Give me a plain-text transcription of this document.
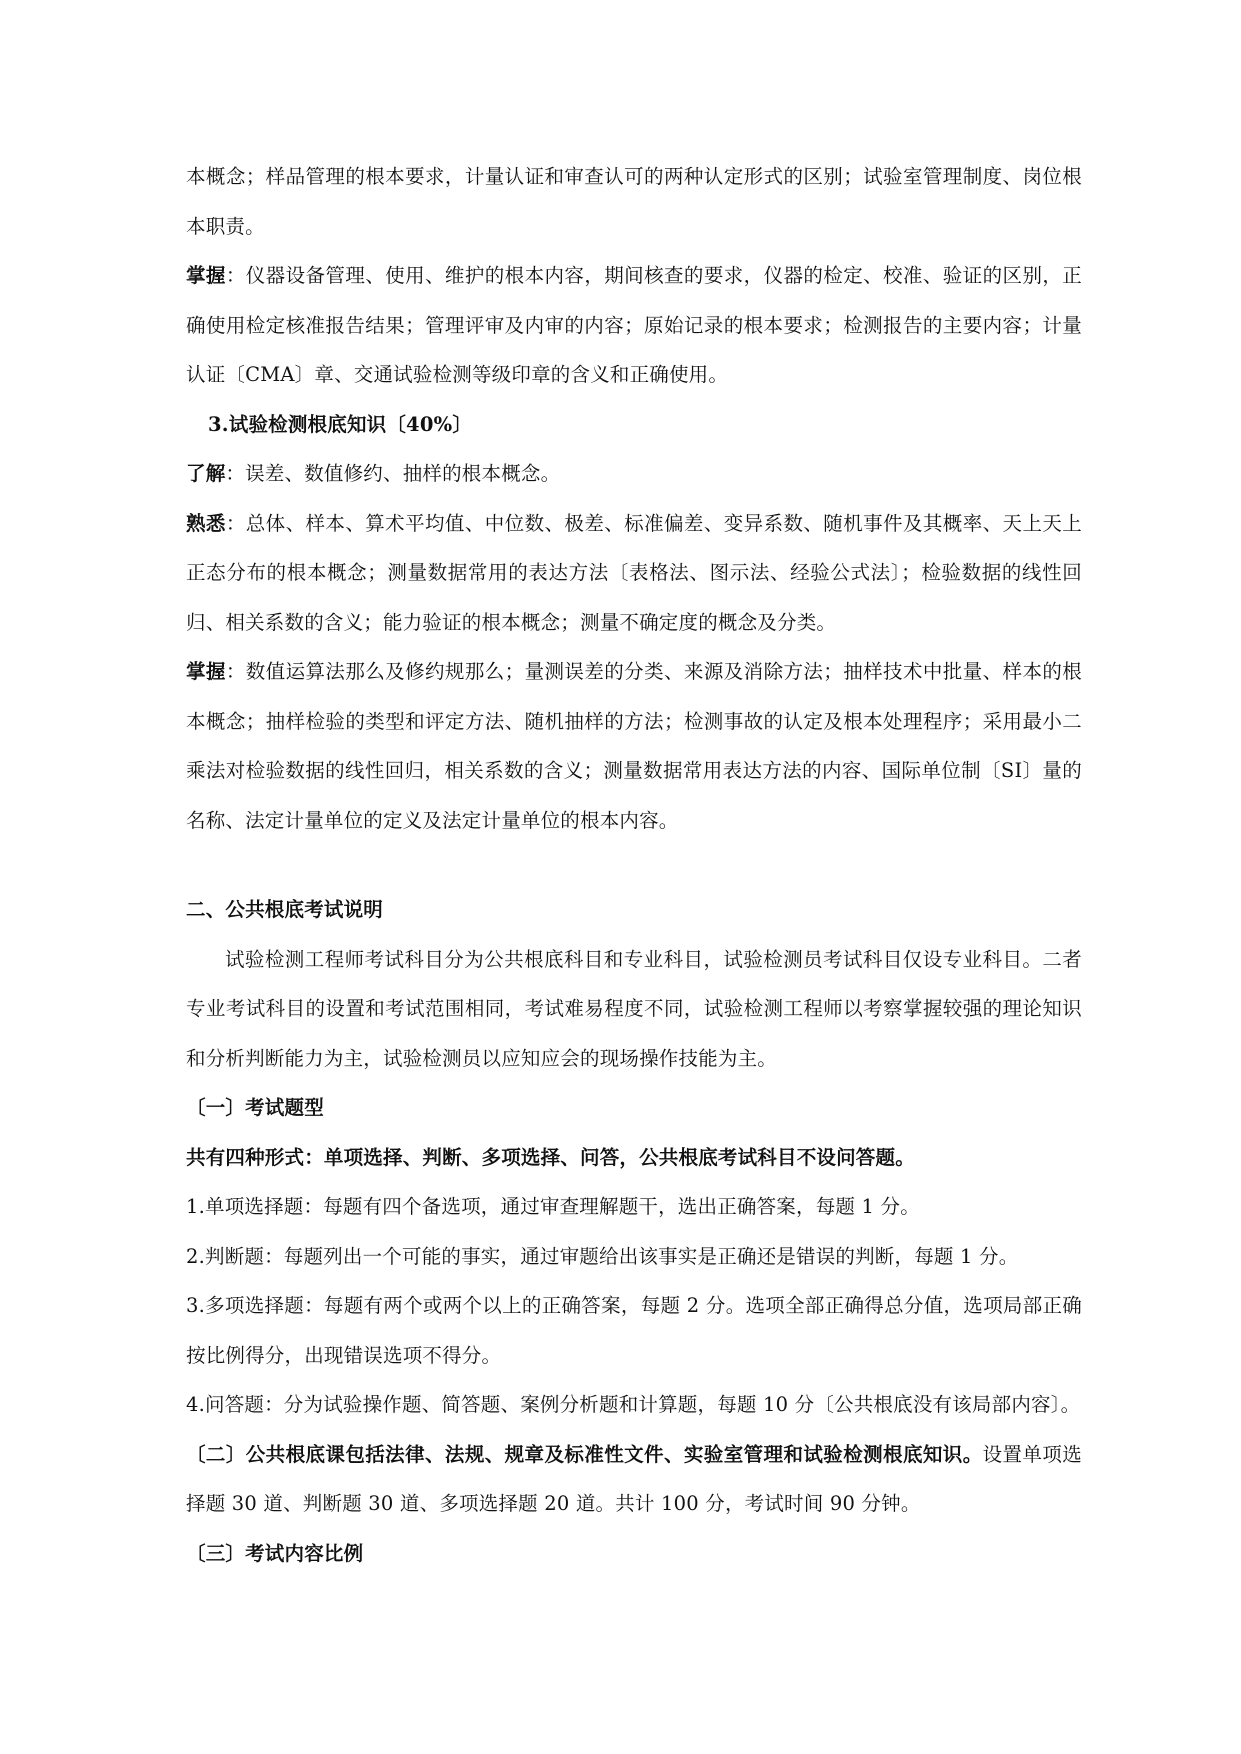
本概念；样品管理的根本要求，计量认证和审查认可的两种认定形式的区别；试验室管理制度、岗位根本职责。

掌握：仪器设备管理、使用、维护的根本内容，期间核查的要求，仪器的检定、校准、验证的区别，正确使用检定核准报告结果；管理评审及内审的内容；原始记录的根本要求；检测报告的主要内容；计量认证〔CMA〕章、交通试验检测等级印章的含义和正确使用。

3.试验检测根底知识〔40%〕

了解：误差、数值修约、抽样的根本概念。

熟悉：总体、样本、算术平均值、中位数、极差、标准偏差、变异系数、随机事件及其概率、天上天上正态分布的根本概念；测量数据常用的表达方法〔表格法、图示法、经验公式法〕；检验数据的线性回归、相关系数的含义；能力验证的根本概念；测量不确定度的概念及分类。

掌握：数值运算法那么及修约规那么；量测误差的分类、来源及消除方法；抽样技术中批量、样本的根本概念；抽样检验的类型和评定方法、随机抽样的方法；检测事故的认定及根本处理程序；采用最小二乘法对检验数据的线性回归，相关系数的含义；测量数据常用表达方法的内容、国际单位制〔SI〕量的名称、法定计量单位的定义及法定计量单位的根本内容。

二、公共根底考试说明

试验检测工程师考试科目分为公共根底科目和专业科目，试验检测员考试科目仅设专业科目。二者专业考试科目的设置和考试范围相同，考试难易程度不同，试验检测工程师以考察掌握较强的理论知识和分析判断能力为主，试验检测员以应知应会的现场操作技能为主。

〔一〕考试题型

共有四种形式：单项选择、判断、多项选择、问答，公共根底考试科目不设问答题。

1.单项选择题：每题有四个备选项，通过审查理解题干，选出正确答案，每题 1 分。

2.判断题：每题列出一个可能的事实，通过审题给出该事实是正确还是错误的判断，每题 1 分。

3.多项选择题：每题有两个或两个以上的正确答案，每题 2 分。选项全部正确得总分值，选项局部正确按比例得分，出现错误选项不得分。

4.问答题：分为试验操作题、简答题、案例分析题和计算题，每题 10 分〔公共根底没有该局部内容〕。

〔二〕公共根底课包括法律、法规、规章及标准性文件、实验室管理和试验检测根底知识。设置单项选择题 30 道、判断题 30 道、多项选择题 20 道。共计 100 分，考试时间 90 分钟。

〔三〕考试内容比例
